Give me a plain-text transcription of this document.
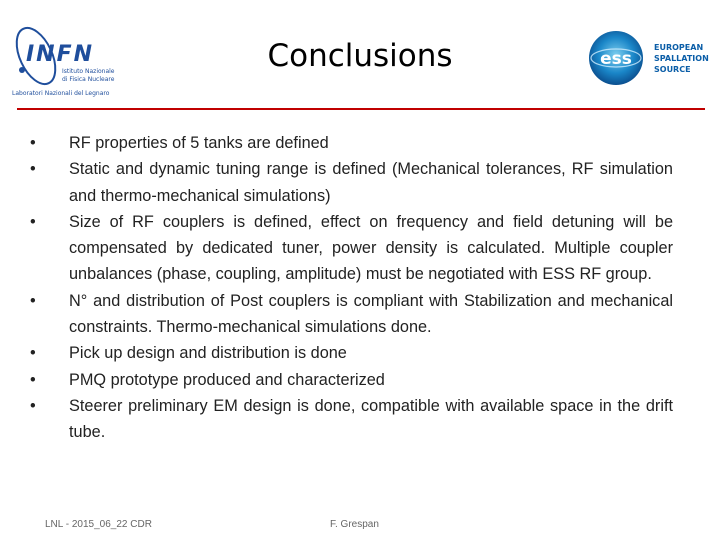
INFN
Istituto Nazionale
di Fisica Nucleare
Laboratori Nazionali del Legnaro
Conclusions	ess
EUROPEAN
SPALLATION
SOURCE
• RF properties of 5 tanks are defined
• Static and dynamic tuning range is defined (Mechanical tolerances, RF simulation and thermo-mechanical simulations)
• Size of RF couplers is defined, effect on frequency and field detuning will be compensated by dedicated tuner, power density is calculated. Multiple coupler unbalances (phase, coupling, amplitude) must be negotiated with ESS RF group.
• N° and distribution of Post couplers is compliant with Stabilization and mechanical constraints. Thermo-mechanical simulations done.
• Pick up design and distribution is done
• PMQ prototype produced and characterized
• Steerer preliminary EM design is done, compatible with available space in the drift tube.
LNL - 2015_06_22 CDR	F. Grespan
